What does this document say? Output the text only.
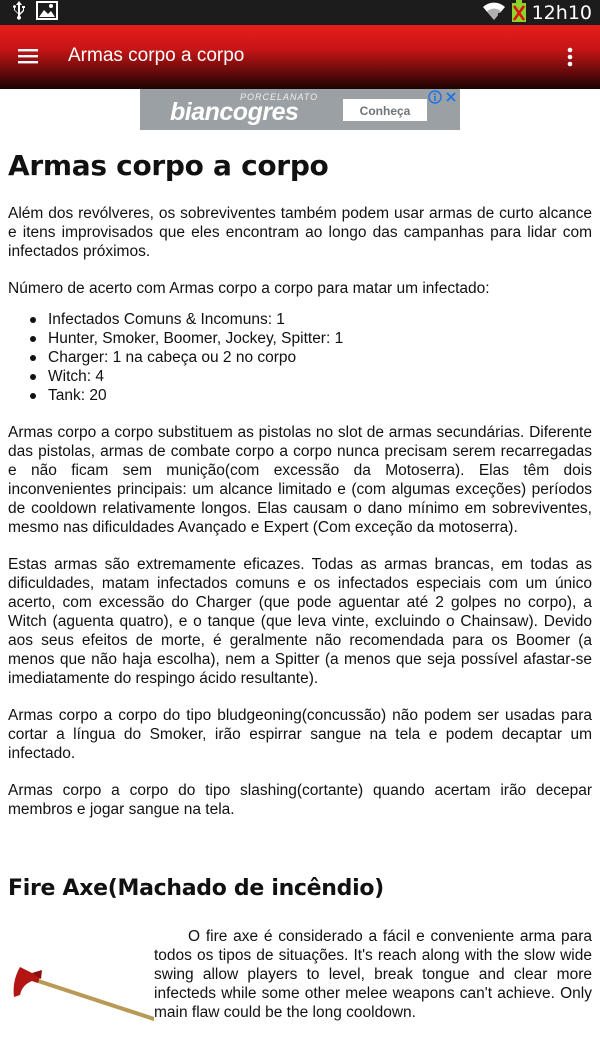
12h10
Armas corpo a corpo
PORCELANATO
biancogres	Conheça
Armas corpo a corpo

Além dos revólveres, os sobreviventes também podem usar armas de curto alcance e itens improvisados que eles encontram ao longo das campanhas para lidar com infectados próximos.

Número de acerto com Armas corpo a corpo para matar um infectado:

Infectados Comuns & Incomuns: 1
Hunter, Smoker, Boomer, Jockey, Spitter: 1
Charger: 1 na cabeça ou 2 no corpo
Witch: 4
Tank: 20

Armas corpo a corpo substituem as pistolas no slot de armas secundárias. Diferente das pistolas, armas de combate corpo a corpo nunca precisam serem recarregadas e não ficam sem munição(com excessão da Motoserra). Elas têm dois inconvenientes principais: um alcance limitado e (com algumas exceções) períodos de cooldown relativamente longos. Elas causam o dano mínimo em sobreviventes, mesmo nas dificuldades Avançado e Expert (Com exceção da motoserra).

Estas armas são extremamente eficazes. Todas as armas brancas, em todas as dificuldades, matam infectados comuns e os infectados especiais com um único acerto, com excessão do Charger (que pode aguentar até 2 golpes no corpo), a Witch (aguenta quatro), e o tanque (que leva vinte, excluindo o Chainsaw). Devido aos seus efeitos de morte, é geralmente não recomendada para os Boomer (a menos que não haja escolha), nem a Spitter (a menos que seja possível afastar-se imediatamente do respingo ácido resultante).

Armas corpo a corpo do tipo bludgeoning(concussão) não podem ser usadas para cortar a língua do Smoker, irão espirrar sangue na tela e podem decaptar um infectado.

Armas corpo a corpo do tipo slashing(cortante) quando acertam irão decepar membros e jogar sangue na tela.

Fire Axe(Machado de incêndio)

O fire axe é considerado a fácil e conveniente arma para todos os tipos de situações. It's reach along with the slow wide swing allow players to level, break tongue and clear more infecteds while some other melee weapons can't achieve. Only main flaw could be the long cooldown.
